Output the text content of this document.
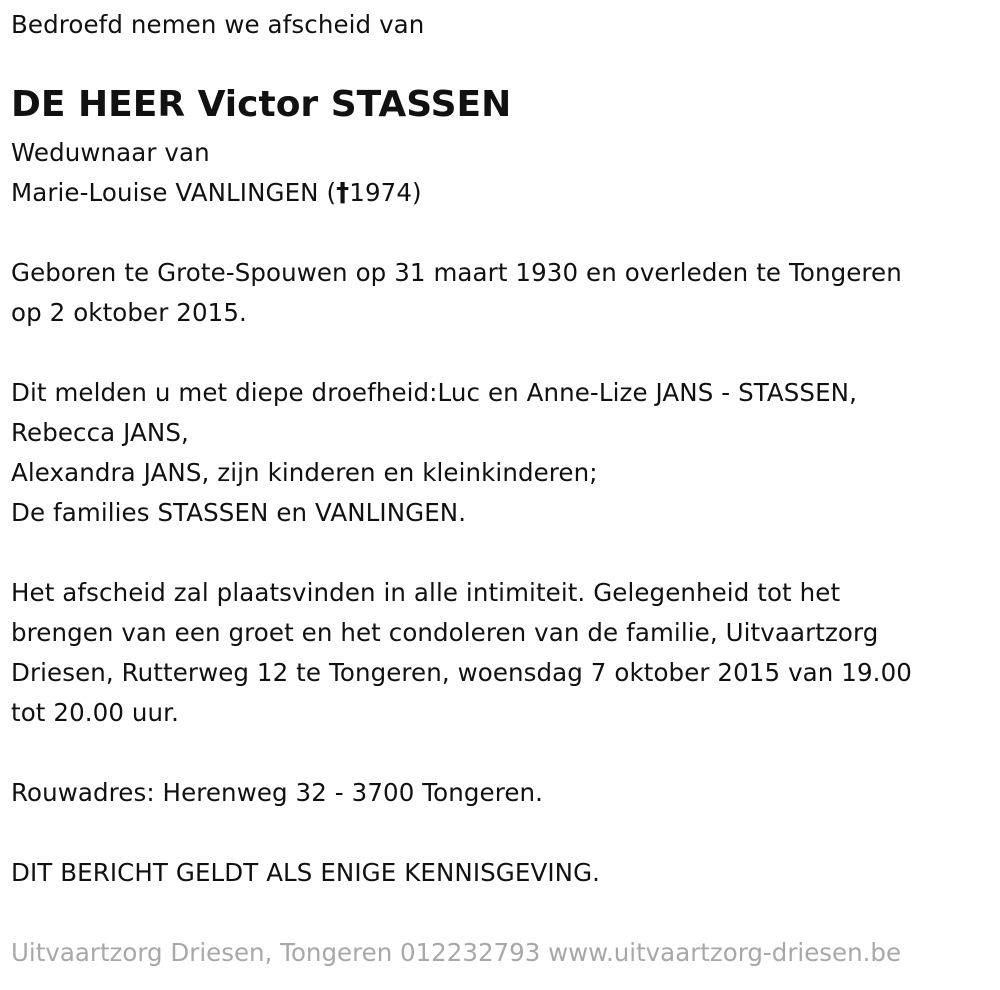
Bedroefd nemen we afscheid van
DE HEER Victor STASSEN
Weduwnaar van
Marie-Louise VANLINGEN (†1974)
Geboren te Grote-Spouwen op 31 maart 1930 en overleden te Tongeren
op 2 oktober 2015.
Dit melden u met diepe droefheid:Luc en Anne-Lize JANS - STASSEN,
Rebecca JANS,
Alexandra JANS, zijn kinderen en kleinkinderen;
De families STASSEN en VANLINGEN.
Het afscheid zal plaatsvinden in alle intimiteit. Gelegenheid tot het
brengen van een groet en het condoleren van de familie, Uitvaartzorg
Driesen, Rutterweg 12 te Tongeren, woensdag 7 oktober 2015 van 19.00
tot 20.00 uur.
Rouwadres: Herenweg 32 - 3700 Tongeren.
DIT BERICHT GELDT ALS ENIGE KENNISGEVING.
Uitvaartzorg Driesen, Tongeren 012232793 www.uitvaartzorg-driesen.be
